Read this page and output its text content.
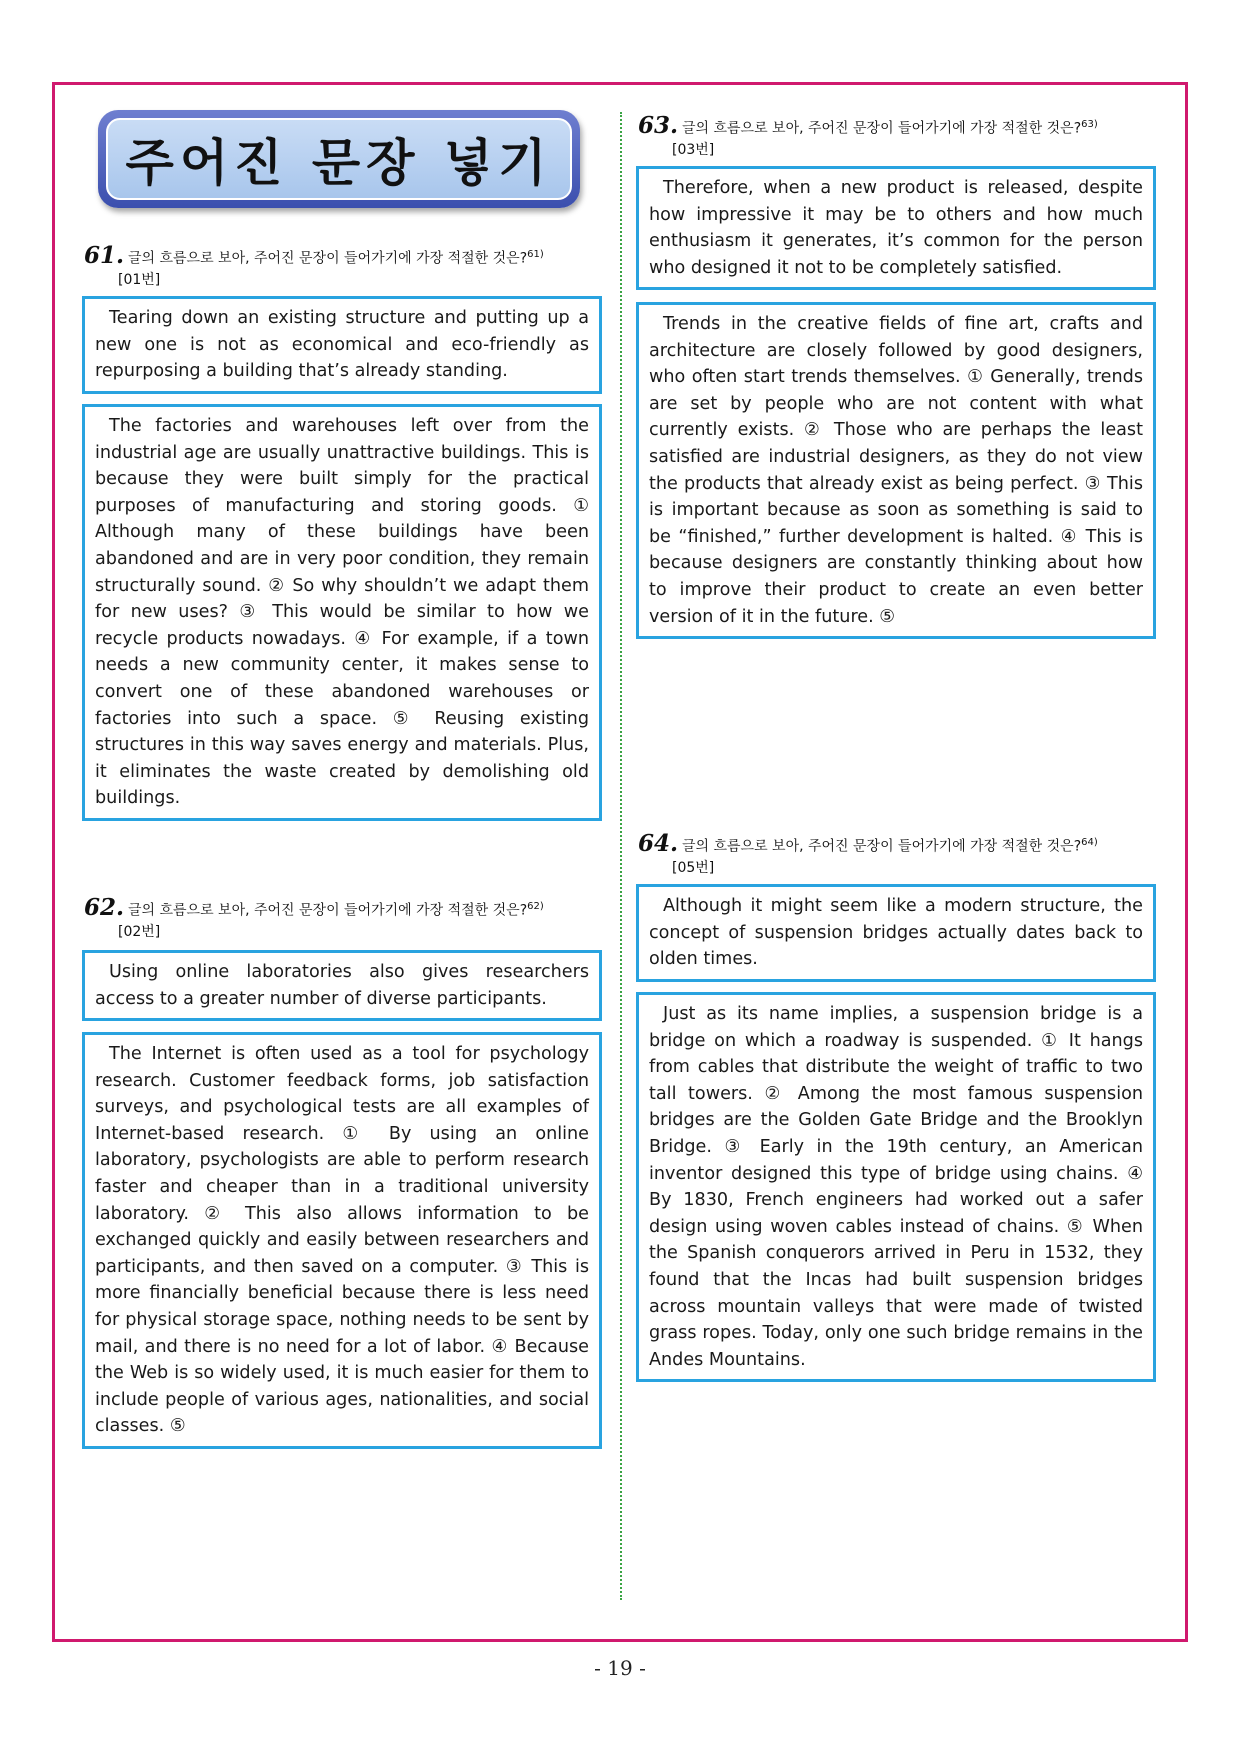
주어진 문장 넣기
61. 글의 흐름으로 보아, 주어진 문장이 들어가기에 가장 적절한 것은?$^{61)}$
[01번]
Tearing down an existing structure and putting up a new one is not as economical and eco-friendly as repurposing a building that’s already standing.
The factories and warehouses left over from the industrial age are usually unattractive buildings. This is because they were built simply for the practical purposes of manufacturing and storing goods. ① Although many of these buildings have been abandoned and are in very poor condition, they remain structurally sound. ② So why shouldn’t we adapt them for new uses? ③ This would be similar to how we recycle products nowadays. ④ For example, if a town needs a new community center, it makes sense to convert one of these abandoned warehouses or factories into such a space. ⑤ Reusing existing structures in this way saves energy and materials. Plus, it eliminates the waste created by demolishing old buildings.
62. 글의 흐름으로 보아, 주어진 문장이 들어가기에 가장 적절한 것은?$^{62)}$
[02번]
Using online laboratories also gives researchers access to a greater number of diverse participants.
The Internet is often used as a tool for psychology research. Customer feedback forms, job satisfaction surveys, and psychological tests are all examples of Internet-based research. ① By using an online laboratory, psychologists are able to perform research faster and cheaper than in a traditional university laboratory. ② This also allows information to be exchanged quickly and easily between researchers and participants, and then saved on a computer. ③ This is more financially beneficial because there is less need for physical storage space, nothing needs to be sent by mail, and there is no need for a lot of labor. ④ Because the Web is so widely used, it is much easier for them to include people of various ages, nationalities, and social classes. ⑤
63. 글의 흐름으로 보아, 주어진 문장이 들어가기에 가장 적절한 것은?$^{63)}$
[03번]
Therefore, when a new product is released, despite how impressive it may be to others and how much enthusiasm it generates, it’s common for the person who designed it not to be completely satisfied.
Trends in the creative fields of fine art, crafts and architecture are closely followed by good designers, who often start trends themselves. ① Generally, trends are set by people who are not content with what currently exists. ② Those who are perhaps the least satisfied are industrial designers, as they do not view the products that already exist as being perfect. ③ This is important because as soon as something is said to be “finished,” further development is halted. ④ This is because designers are constantly thinking about how to improve their product to create an even better version of it in the future. ⑤
64. 글의 흐름으로 보아, 주어진 문장이 들어가기에 가장 적절한 것은?$^{64)}$
[05번]
Although it might seem like a modern structure, the concept of suspension bridges actually dates back to olden times.
Just as its name implies, a suspension bridge is a bridge on which a roadway is suspended. ① It hangs from cables that distribute the weight of traffic to two tall towers. ② Among the most famous suspension bridges are the Golden Gate Bridge and the Brooklyn Bridge. ③ Early in the 19th century, an American inventor designed this type of bridge using chains. ④ By 1830, French engineers had worked out a safer design using woven cables instead of chains. ⑤ When the Spanish conquerors arrived in Peru in 1532, they found that the Incas had built suspension bridges across mountain valleys that were made of twisted grass ropes. Today, only one such bridge remains in the Andes Mountains.
- 19 -
